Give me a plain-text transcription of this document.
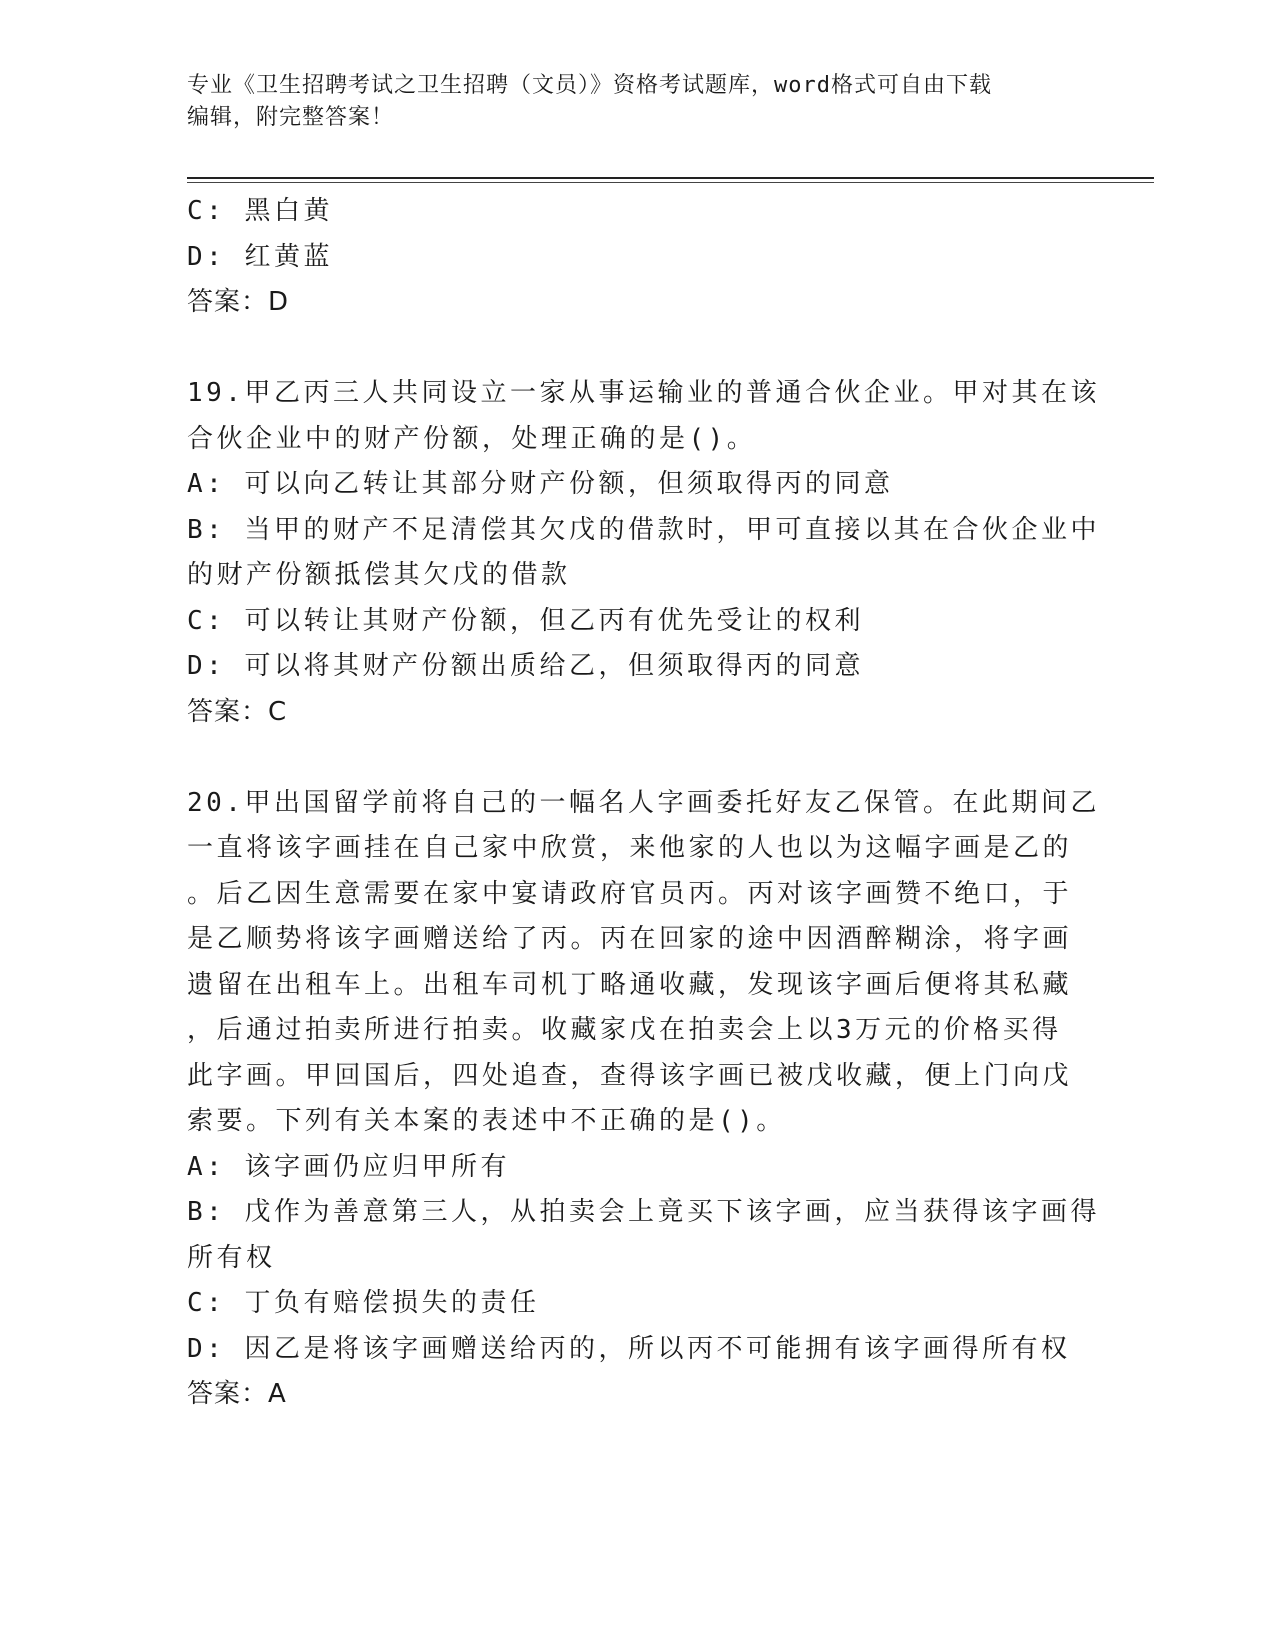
专业《卫生招聘考试之卫生招聘（文员）》资格考试题库，word格式可自由下载
编辑，附完整答案！
C: 黑白黄
D: 红黄蓝
答案：D
19.甲乙丙三人共同设立一家从事运输业的普通合伙企业。甲对其在该
合伙企业中的财产份额，处理正确的是()。
A: 可以向乙转让其部分财产份额，但须取得丙的同意
B: 当甲的财产不足清偿其欠戊的借款时，甲可直接以其在合伙企业中
的财产份额抵偿其欠戊的借款
C: 可以转让其财产份额，但乙丙有优先受让的权利
D: 可以将其财产份额出质给乙，但须取得丙的同意
答案：C
20.甲出国留学前将自己的一幅名人字画委托好友乙保管。在此期间乙
一直将该字画挂在自己家中欣赏，来他家的人也以为这幅字画是乙的
。后乙因生意需要在家中宴请政府官员丙。丙对该字画赞不绝口，于
是乙顺势将该字画赠送给了丙。丙在回家的途中因酒醉糊涂，将字画
遗留在出租车上。出租车司机丁略通收藏，发现该字画后便将其私藏
，后通过拍卖所进行拍卖。收藏家戊在拍卖会上以3万元的价格买得
此字画。甲回国后，四处追查，查得该字画已被戊收藏，便上门向戊
索要。下列有关本案的表述中不正确的是()。
A: 该字画仍应归甲所有
B: 戊作为善意第三人，从拍卖会上竟买下该字画，应当获得该字画得
所有权
C: 丁负有赔偿损失的责任
D: 因乙是将该字画赠送给丙的，所以丙不可能拥有该字画得所有权
答案：A
